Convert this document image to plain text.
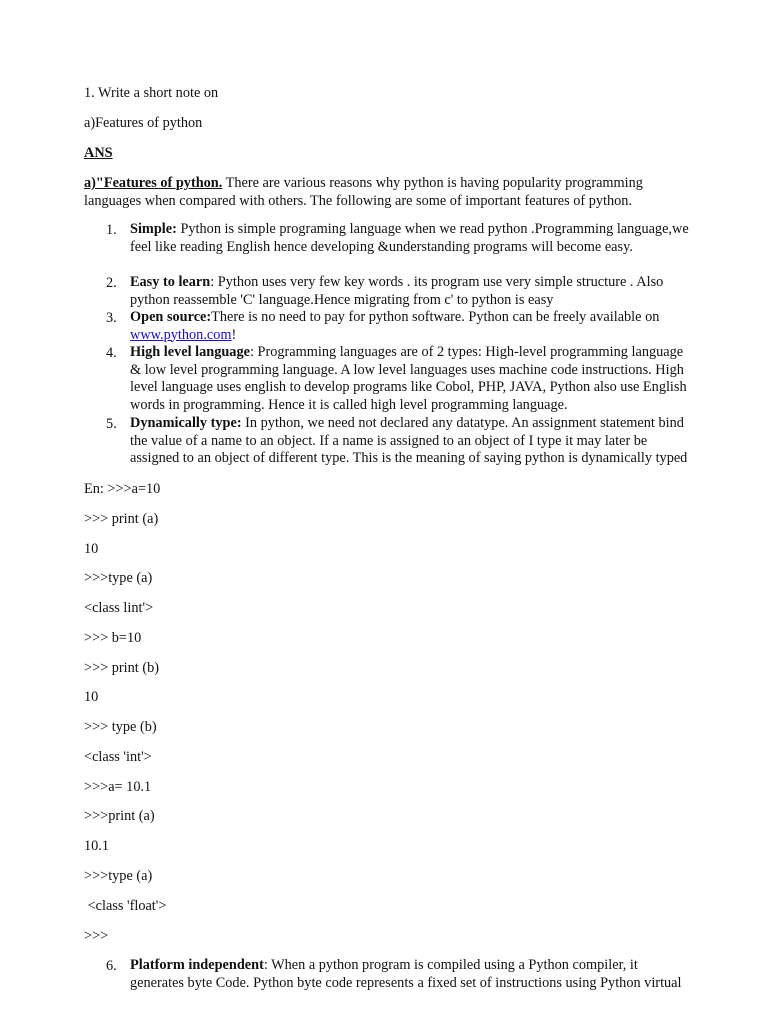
1. Write a short note on

a)Features of python

ANS

a)"Features of python. There are various reasons why python is having popularity programming languages when compared with others. The following are some of important features of python.

1. Simple: Python is simple programing language when we read python .Programming language,we feel like reading English hence developing &understanding programs will become easy.
2. Easy to learn: Python uses very few key words . its program use very simple structure . Also python reassemble 'C' language.Hence migrating from c' to python is easy
3. Open source:There is no need to pay for python software. Python can be freely available on www.python.com!
4. High level language: Programming languages are of 2 types: High-level programming language & low level programming language. A low level languages uses machine code instructions. High level language uses english to develop programs like Cobol, PHP, JAVA, Python also use English words in programming. Hence it is called high level programming language.
5. Dynamically type: In python, we need not declared any datatype. An assignment statement bind the value of a name to an object. If a name is assigned to an object of I type it may later be assigned to an object of different type. This is the meaning of saying python is dynamically typed

En: >>>a=10

>>> print (a)

10

>>>type (a)

<class lint'>

>>> b=10

>>> print (b)

10

>>> type (b)

<class 'int'>

>>>a= 10.1

>>>print (a)

10.1

>>>type (a)

<class 'float'>

>>>

6. Platform independent: When a python program is compiled using a Python compiler, it generates byte Code. Python byte code represents a fixed set of instructions using Python virtual
